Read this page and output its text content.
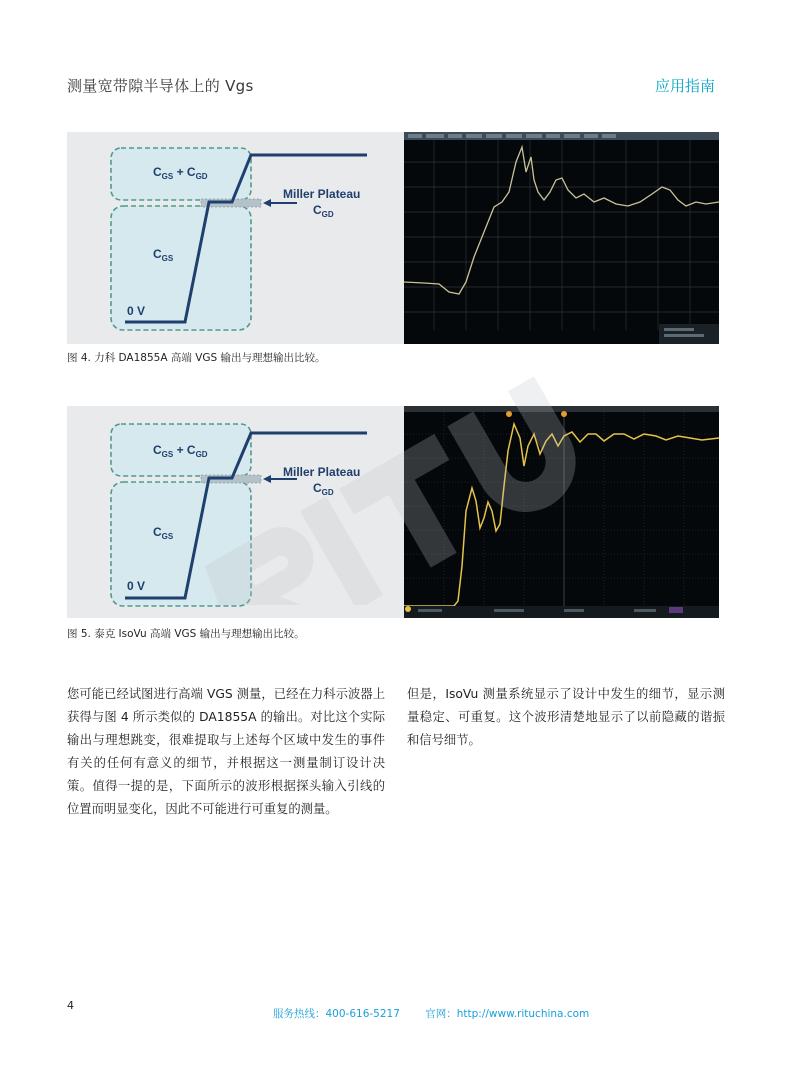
测量宽带隙半导体上的 Vgs	应用指南
$C_{GS} + C_{GD}$
$C_{GS}$
Miller Plateau
$C_{GD}$
0 V
图 4. 力科 DA1855A 高端 VGS 输出与理想输出比较。
$C_{GS} + C_{GD}$
$C_{GS}$
Miller Plateau
$C_{GD}$
0 V
图 5. 泰克 IsoVu 高端 VGS 输出与理想输出比较。
您可能已经试图进行高端 VGS 测量，已经在力科示波器上获得与图 4 所示类似的 DA1855A 的输出。对比这个实际输出与理想跳变，很难提取与上述每个区域中发生的事件有关的任何有意义的细节，并根据这一测量制订设计决策。值得一提的是，下面所示的波形根据探头输入引线的位置而明显变化，因此不可能进行可重复的测量。
但是，IsoVu 测量系统显示了设计中发生的细节，显示测量稳定、可重复。这个波形清楚地显示了以前隐藏的谐振和信号细节。
4
服务热线：400-616-5217 官网：http://www.rituchina.com
